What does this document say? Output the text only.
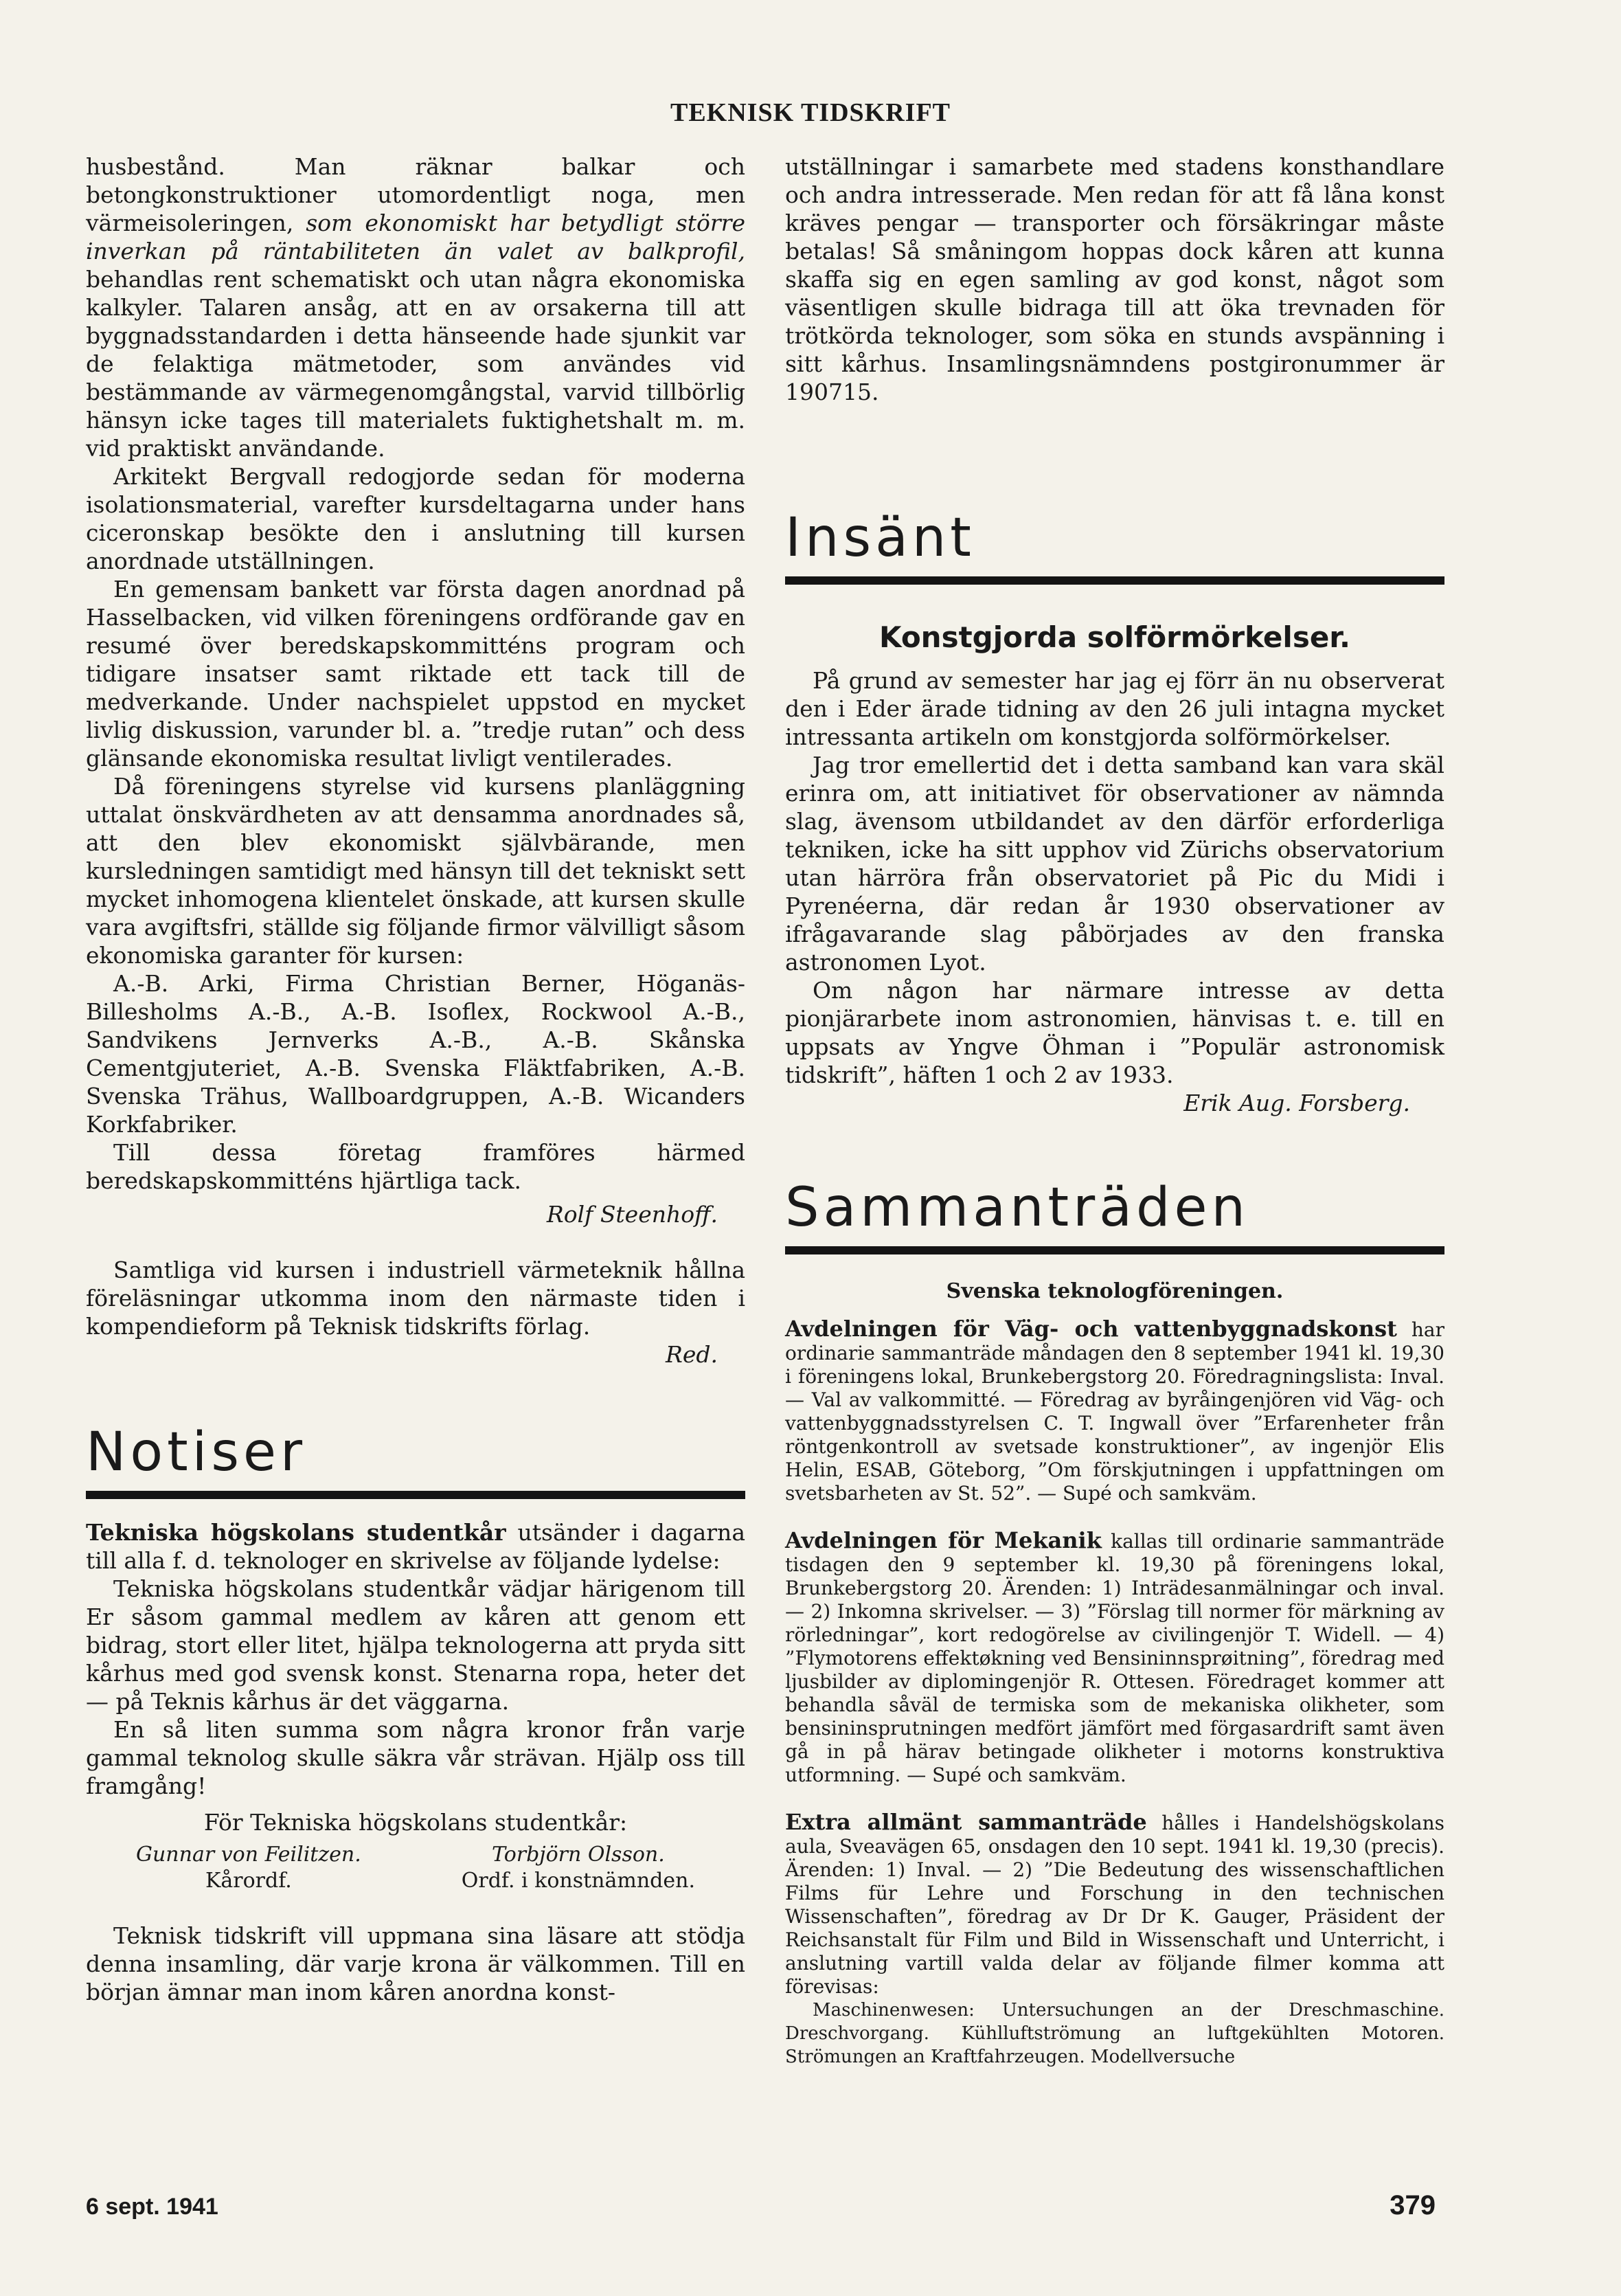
TEKNISK TIDSKRIFT

husbestånd. Man räknar balkar och betongkonstruktioner utomordentligt noga, men värmeisoleringen, som ekonomiskt har betydligt större inverkan på räntabiliteten än valet av balkprofil, behandlas rent schematiskt och utan några ekonomiska kalkyler. Talaren ansåg, att en av orsakerna till att byggnadsstandarden i detta hänseende hade sjunkit var de felaktiga mätmetoder, som användes vid bestämmande av värmegenomgångstal, varvid tillbörlig hänsyn icke tages till materialets fuktighetshalt m. m. vid praktiskt användande.

Arkitekt Bergvall redogjorde sedan för moderna isolationsmaterial, varefter kursdeltagarna under hans ciceronskap besökte den i anslutning till kursen anordnade utställningen.

En gemensam bankett var första dagen anordnad på Hasselbacken, vid vilken föreningens ordförande gav en resumé över beredskapskommitténs program och tidigare insatser samt riktade ett tack till de medverkande. Under nachspielet uppstod en mycket livlig diskussion, varunder bl. a. ”tredje rutan” och dess glänsande ekonomiska resultat livligt ventilerades.

Då föreningens styrelse vid kursens planläggning uttalat önskvärdheten av att densamma anordnades så, att den blev ekonomiskt självbärande, men kursledningen samtidigt med hänsyn till det tekniskt sett mycket inhomogena klientelet önskade, att kursen skulle vara avgiftsfri, ställde sig följande firmor välvilligt såsom ekonomiska garanter för kursen:

A.-B. Arki, Firma Christian Berner, Höganäs-Billesholms A.-B., A.-B. Isoflex, Rockwool A.-B., Sandvikens Jernverks A.-B., A.-B. Skånska Cementgjuteriet, A.-B. Svenska Fläktfabriken, A.-B. Svenska Trähus, Wallboardgruppen, A.-B. Wicanders Korkfabriker.

Till dessa företag framföres härmed beredskapskommitténs hjärtliga tack.

Rolf Steenhoff.

Samtliga vid kursen i industriell värmeteknik hållna föreläsningar utkomma inom den närmaste tiden i kompendieform på Teknisk tidskrifts förlag.

Red.
Notiser

Tekniska högskolans studentkår utsänder i dagarna till alla f. d. teknologer en skrivelse av följande lydelse:

Tekniska högskolans studentkår vädjar härigenom till Er såsom gammal medlem av kåren att genom ett bidrag, stort eller litet, hjälpa teknologerna att pryda sitt kårhus med god svensk konst. Stenarna ropa, heter det — på Teknis kårhus är det väggarna.

En så liten summa som några kronor från varje gammal teknolog skulle säkra vår strävan. Hjälp oss till framgång!

För Tekniska högskolans studentkår:

Gunnar von Feilitzen.
Kårordf.
Torbjörn Olsson.
Ordf. i konstnämnden.

Teknisk tidskrift vill uppmana sina läsare att stödja denna insamling, där varje krona är välkommen. Till en början ämnar man inom kåren anordna konst-

utställningar i samarbete med stadens konsthandlare och andra intresserade. Men redan för att få låna konst kräves pengar — transporter och försäkringar måste betalas! Så småningom hoppas dock kåren att kunna skaffa sig en egen samling av god konst, något som väsentligen skulle bidraga till att öka trevnaden för trötkörda teknologer, som söka en stunds avspänning i sitt kårhus. Insamlingsnämndens postgironummer är 190715.

Insänt
Konstgjorda solförmörkelser.

På grund av semester har jag ej förr än nu observerat den i Eder ärade tidning av den 26 juli intagna mycket intressanta artikeln om konstgjorda solförmörkelser.

Jag tror emellertid det i detta samband kan vara skäl erinra om, att initiativet för observationer av nämnda slag, ävensom utbildandet av den därför erforderliga tekniken, icke ha sitt upphov vid Zürichs observatorium utan härröra från observatoriet på Pic du Midi i Pyrenéerna, där redan år 1930 observationer av ifrågavarande slag påbörjades av den franska astronomen Lyot.

Om någon har närmare intresse av detta pionjärarbete inom astronomien, hänvisas t. e. till en uppsats av Yngve Öhman i ”Populär astronomisk tidskrift”, häften 1 och 2 av 1933.

Erik Aug. Forsberg.
Sammanträden
Svenska teknologföreningen.

Avdelningen för Väg- och vattenbyggnadskonst har ordinarie sammanträde måndagen den 8 september 1941 kl. 19,30 i föreningens lokal, Brunkebergstorg 20. Föredragningslista: Inval. — Val av valkommitté. — Föredrag av byråingenjören vid Väg- och vattenbyggnadsstyrelsen C. T. Ingwall över ”Erfarenheter från röntgenkontroll av svetsade konstruktioner”, av ingenjör Elis Helin, ESAB, Göteborg, ”Om förskjutningen i uppfattningen om svetsbarheten av St. 52”. — Supé och samkväm.

Avdelningen för Mekanik kallas till ordinarie sammanträde tisdagen den 9 september kl. 19,30 på föreningens lokal, Brunkebergstorg 20. Ärenden: 1) Inträdesanmälningar och inval. — 2) Inkomna skrivelser. — 3) ”Förslag till normer för märkning av rörledningar”, kort redogörelse av civilingenjör T. Widell. — 4) ”Flymotorens effektøkning ved Bensininnsprøitning”, föredrag med ljusbilder av diplomingenjör R. Ottesen. Föredraget kommer att behandla såväl de termiska som de mekaniska olikheter, som bensininsprutningen medfört jämfört med förgasardrift samt även gå in på härav betingade olikheter i motorns konstruktiva utformning. — Supé och samkväm.

Extra allmänt sammanträde hålles i Handelshögskolans aula, Sveavägen 65, onsdagen den 10 sept. 1941 kl. 19,30 (precis). Ärenden: 1) Inval. — 2) ”Die Bedeutung des wissenschaftlichen Films für Lehre und Forschung in den technischen Wissenschaften”, föredrag av Dr Dr K. Gauger, Präsident der Reichsanstalt für Film und Bild in Wissenschaft und Unterricht, i anslutning vartill valda delar av följande filmer komma att förevisas:

Maschinenwesen: Untersuchungen an der Dreschmaschine. Dreschvorgang. Kühlluftströmung an luftgekühlten Motoren. Strömungen an Kraftfahrzeugen. Modellversuche

6 sept. 1941	379
